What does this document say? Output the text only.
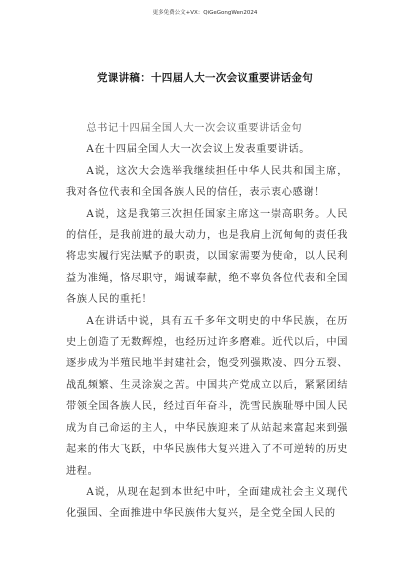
更多免费公文+VX：QiGeGongWen2024
党课讲稿：十四届人大一次会议重要讲话金句

总书记十四届全国人大一次会议重要讲话金句

A在十四届全国人大一次会议上发表重要讲话。

A说，这次大会选举我继续担任中华人民共和国主席，我对各位代表和全国各族人民的信任，表示衷心感谢！

A说，这是我第三次担任国家主席这一崇高职务。人民的信任，是我前进的最大动力，也是我肩上沉甸甸的责任我将忠实履行宪法赋予的职责，以国家需要为使命，以人民利益为准绳，恪尽职守，竭诚奉献，绝不辜负各位代表和全国各族人民的重托！

A在讲话中说，具有五千多年文明史的中华民族，在历史上创造了无数辉煌，也经历过许多磨难。近代以后，中国逐步成为半殖民地半封建社会，饱受列强欺凌、四分五裂、战乱频繁、生灵涂炭之苦。中国共产党成立以后，紧紧团结带领全国各族人民，经过百年奋斗，洗雪民族耻辱中国人民成为自己命运的主人，中华民族迎来了从站起来富起来到强起来的伟大飞跃，中华民族伟大复兴进入了不可逆转的历史进程。

A说，从现在起到本世纪中叶，全面建成社会主义现代化强国、全面推进中华民族伟大复兴，是全党全国人民的
